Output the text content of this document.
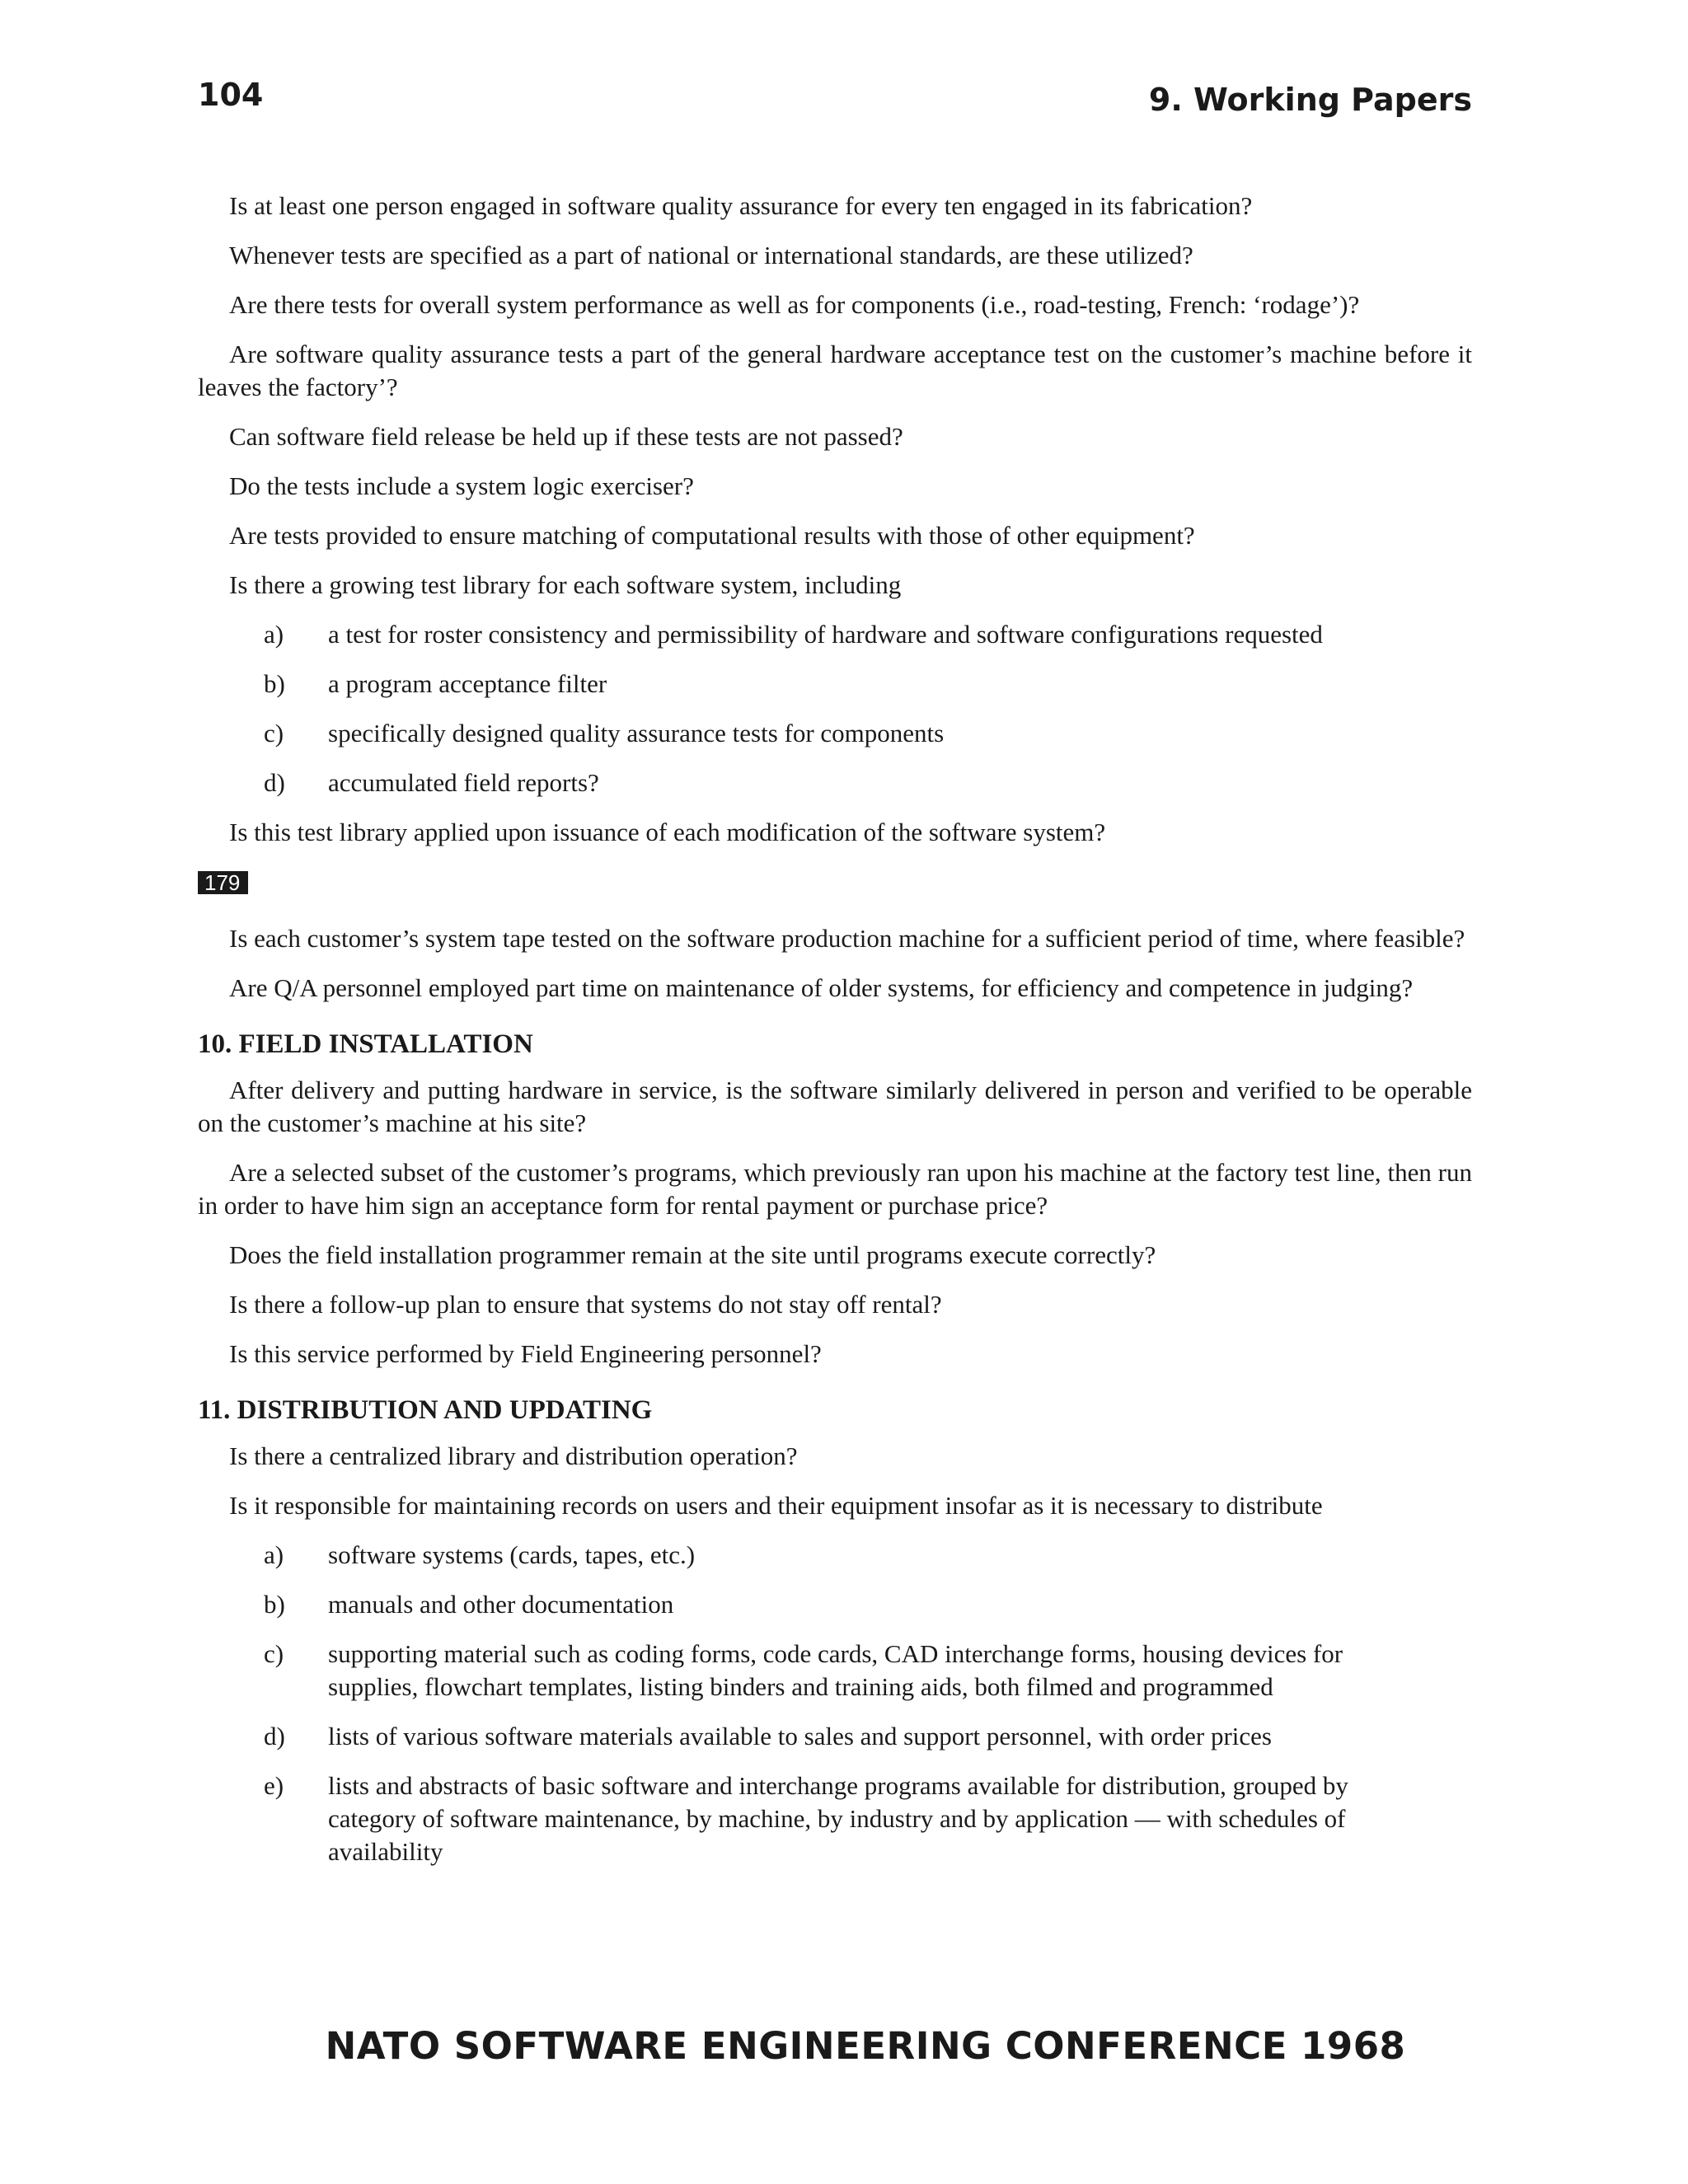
104	9. Working Papers

Is at least one person engaged in software quality assurance for every ten engaged in its fabrication?

Whenever tests are specified as a part of national or international standards, are these utilized?

Are there tests for overall system performance as well as for components (i.e., road-testing, French: ‘rodage’)?

Are software quality assurance tests a part of the general hardware acceptance test on the customer’s machine before it leaves the factory’?

Can software field release be held up if these tests are not passed?

Do the tests include a system logic exerciser?

Are tests provided to ensure matching of computational results with those of other equipment?

Is there a growing test library for each software system, including

a)	a test for roster consistency and permissibility of hardware and software configurations requested
b)	a program acceptance filter
c)	specifically designed quality assurance tests for components
d)	accumulated field reports?

Is this test library applied upon issuance of each modification of the software system?

179

Is each customer’s system tape tested on the software production machine for a sufficient period of time, where feasible?

Are Q/A personnel employed part time on maintenance of older systems, for efficiency and competence in judging?

10. FIELD INSTALLATION

After delivery and putting hardware in service, is the software similarly delivered in person and verified to be operable on the customer’s machine at his site?

Are a selected subset of the customer’s programs, which previously ran upon his machine at the factory test line, then run in order to have him sign an acceptance form for rental payment or purchase price?

Does the field installation programmer remain at the site until programs execute correctly?

Is there a follow-up plan to ensure that systems do not stay off rental?

Is this service performed by Field Engineering personnel?

11. DISTRIBUTION AND UPDATING

Is there a centralized library and distribution operation?

Is it responsible for maintaining records on users and their equipment insofar as it is necessary to distribute

a)	software systems (cards, tapes, etc.)
b)	manuals and other documentation
c)	supporting material such as coding forms, code cards, CAD interchange forms, housing devices for supplies, flowchart templates, listing binders and training aids, both filmed and programmed
d)	lists of various software materials available to sales and support personnel, with order prices
e)	lists and abstracts of basic software and interchange programs available for distribution, grouped by category of software maintenance, by machine, by industry and by application — with schedules of availability
NATO SOFTWARE ENGINEERING CONFERENCE 1968
